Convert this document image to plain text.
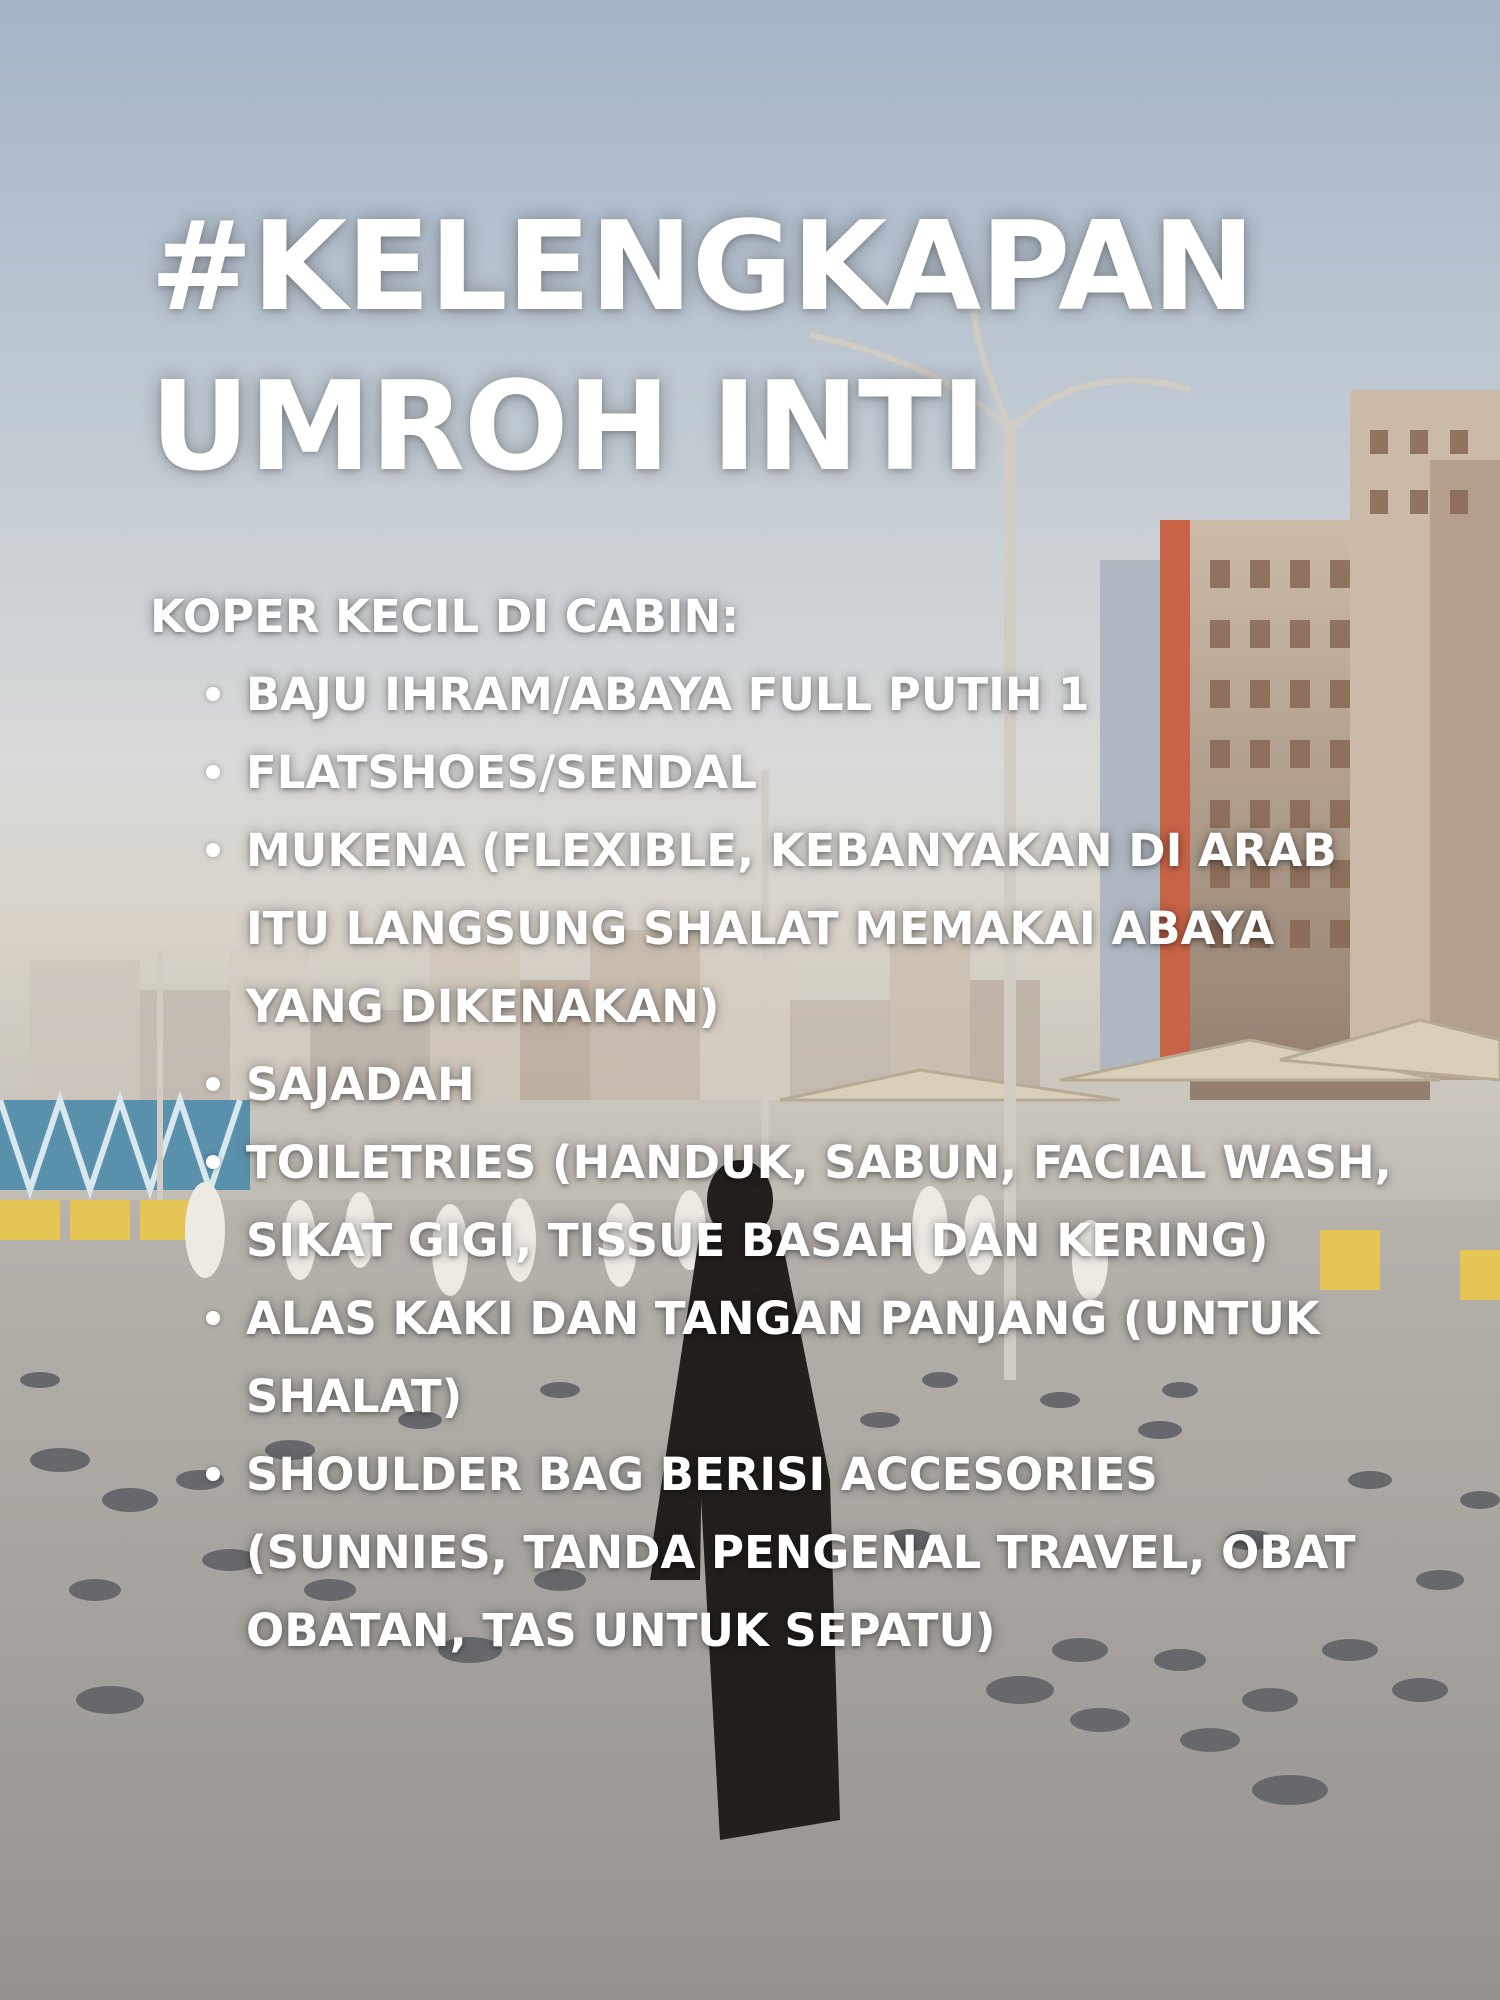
#KELENGKAPAN
UMROH INTI

KOPER KECIL DI CABIN:

BAJU IHRAM/ABAYA FULL PUTIH 1
FLATSHOES/SENDAL
MUKENA (FLEXIBLE, KEBANYAKAN DI ARAB ITU LANGSUNG SHALAT MEMAKAI ABAYA YANG DIKENAKAN)
SAJADAH
TOILETRIES (HANDUK, SABUN, FACIAL WASH, SIKAT GIGI, TISSUE BASAH DAN KERING)
ALAS KAKI DAN TANGAN PANJANG (UNTUK SHALAT)
SHOULDER BAG BERISI ACCESORIES (SUNNIES, TANDA PENGENAL TRAVEL, OBAT OBATAN, TAS UNTUK SEPATU)
